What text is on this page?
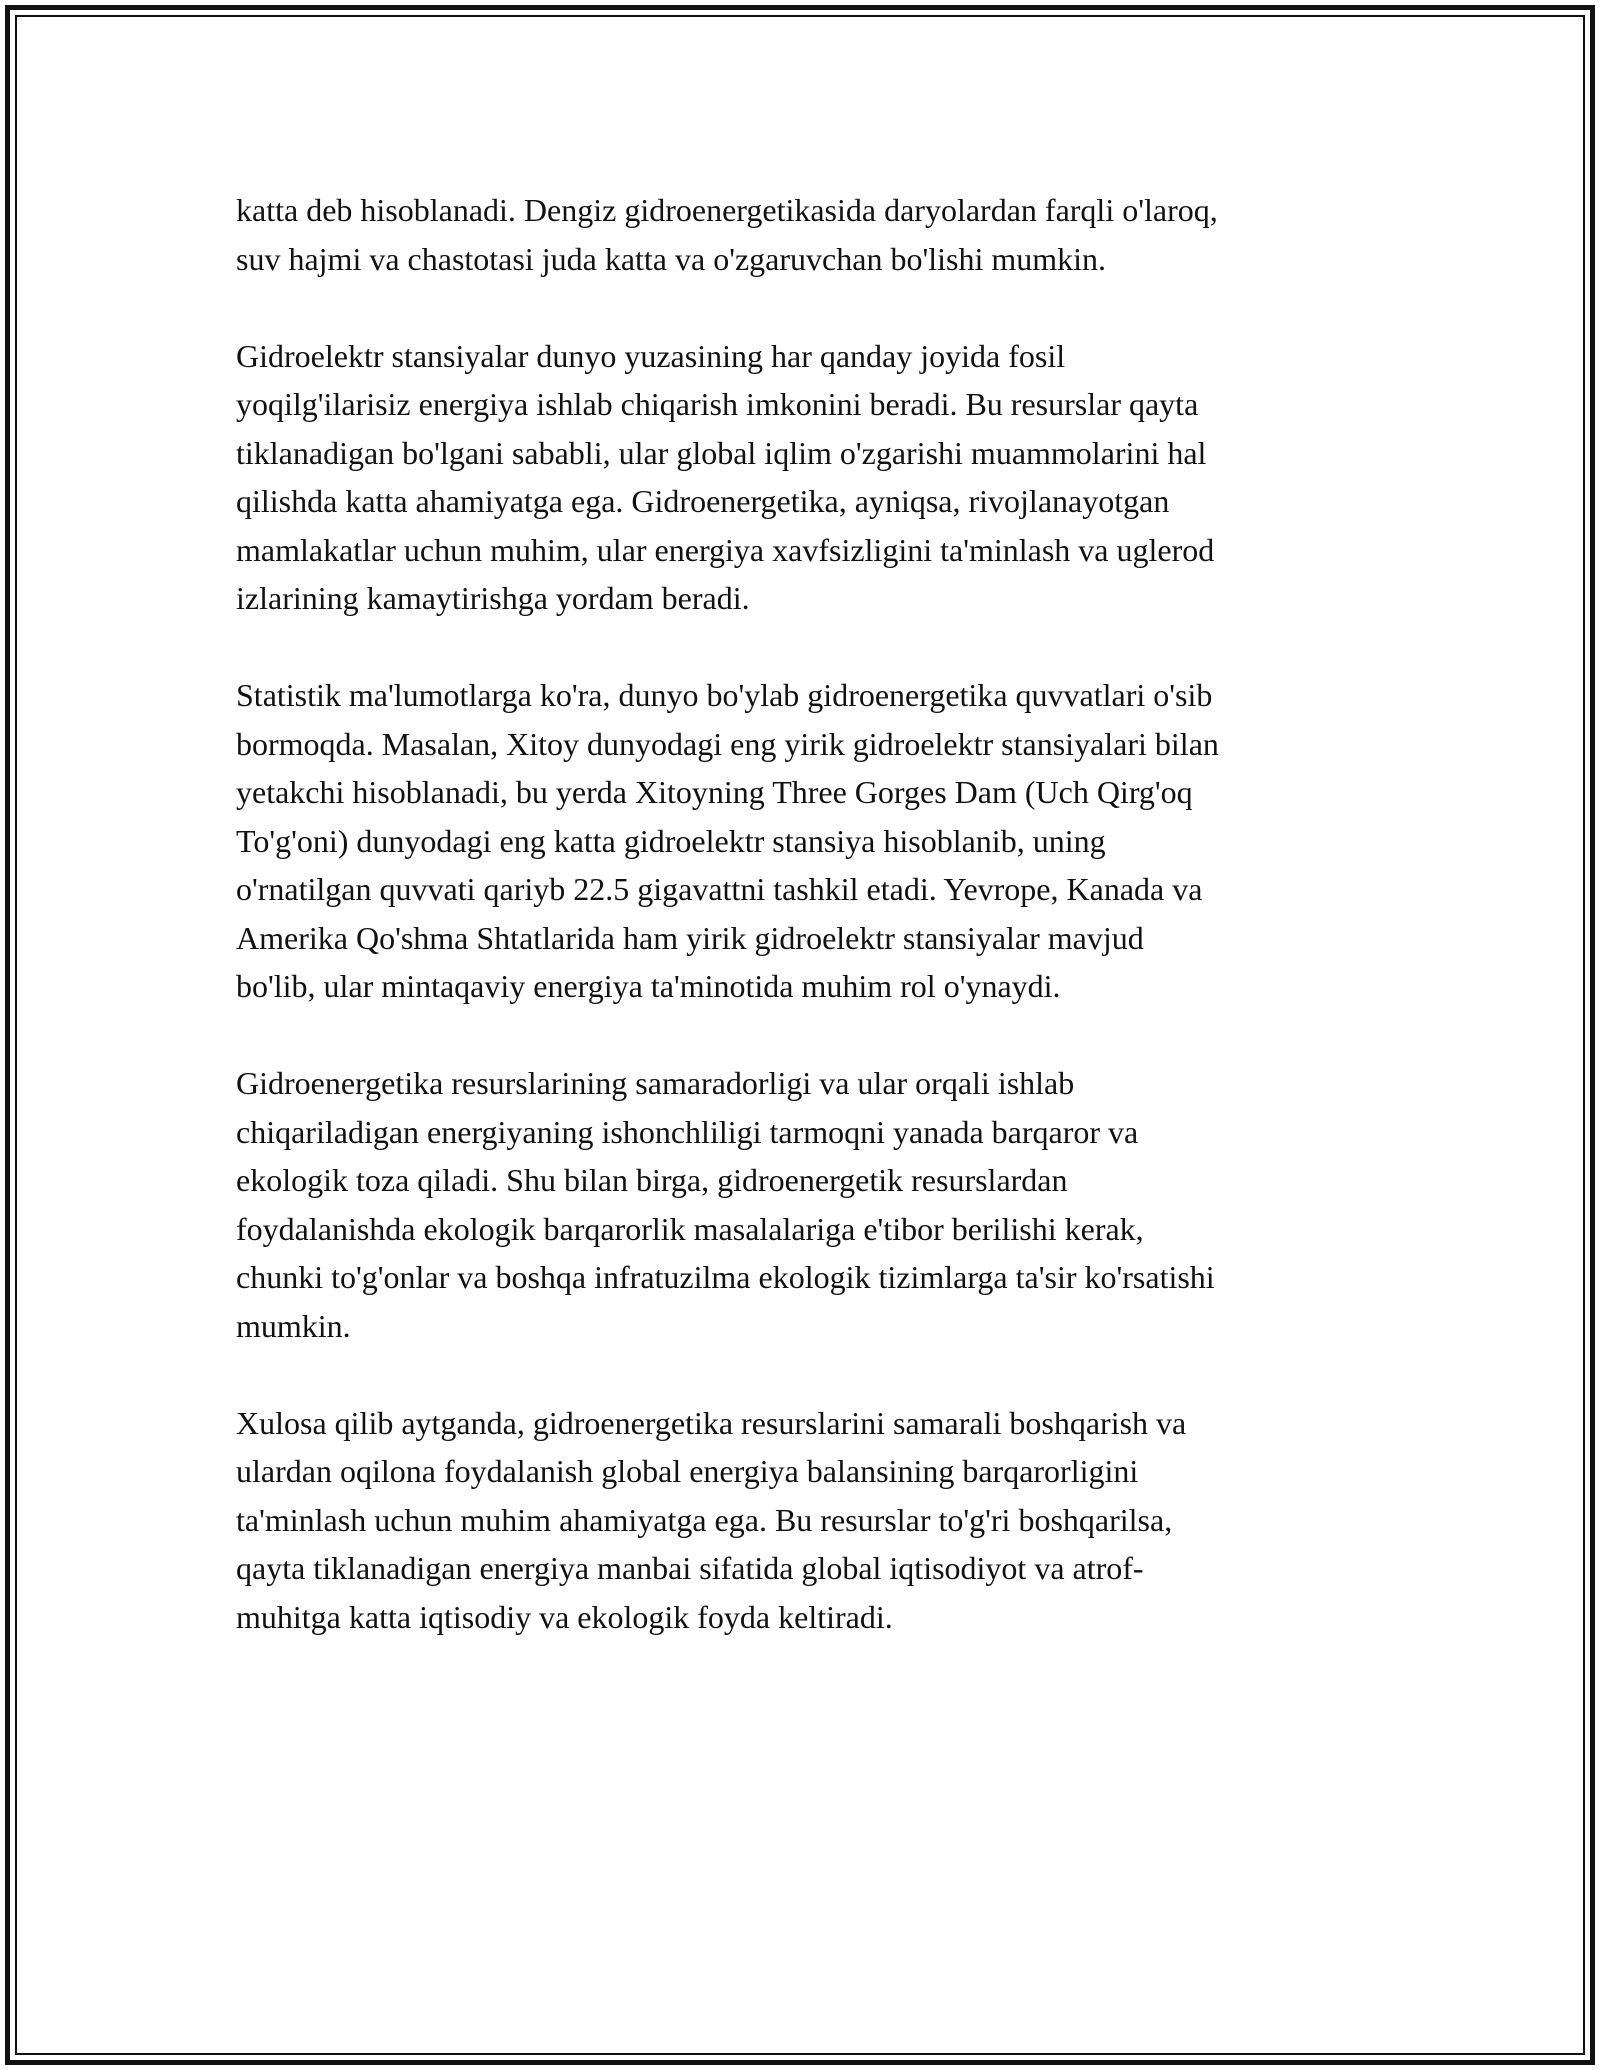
katta deb hisoblanadi. Dengiz gidroenergetikasida daryolardan farqli o'laroq,
suv hajmi va chastotasi juda katta va o'zgaruvchan bo'lishi mumkin.

Gidroelektr stansiyalar dunyo yuzasining har qanday joyida fosil
yoqilg'ilarisiz energiya ishlab chiqarish imkonini beradi. Bu resurslar qayta
tiklanadigan bo'lgani sababli, ular global iqlim o'zgarishi muammolarini hal
qilishda katta ahamiyatga ega. Gidroenergetika, ayniqsa, rivojlanayotgan
mamlakatlar uchun muhim, ular energiya xavfsizligini ta'minlash va uglerod
izlarining kamaytirishga yordam beradi.

Statistik ma'lumotlarga ko'ra, dunyo bo'ylab gidroenergetika quvvatlari o'sib
bormoqda. Masalan, Xitoy dunyodagi eng yirik gidroelektr stansiyalari bilan
yetakchi hisoblanadi, bu yerda Xitoyning Three Gorges Dam (Uch Qirg'oq
To'g'oni) dunyodagi eng katta gidroelektr stansiya hisoblanib, uning
o'rnatilgan quvvati qariyb 22.5 gigavattni tashkil etadi. Yevrope, Kanada va
Amerika Qo'shma Shtatlarida ham yirik gidroelektr stansiyalar mavjud
bo'lib, ular mintaqaviy energiya ta'minotida muhim rol o'ynaydi.

Gidroenergetika resurslarining samaradorligi va ular orqali ishlab
chiqariladigan energiyaning ishonchliligi tarmoqni yanada barqaror va
ekologik toza qiladi. Shu bilan birga, gidroenergetik resurslardan
foydalanishda ekologik barqarorlik masalalariga e'tibor berilishi kerak,
chunki to'g'onlar va boshqa infratuzilma ekologik tizimlarga ta'sir ko'rsatishi
mumkin.

Xulosa qilib aytganda, gidroenergetika resurslarini samarali boshqarish va
ulardan oqilona foydalanish global energiya balansining barqarorligini
ta'minlash uchun muhim ahamiyatga ega. Bu resurslar to'g'ri boshqarilsa,
qayta tiklanadigan energiya manbai sifatida global iqtisodiyot va atrof-
muhitga katta iqtisodiy va ekologik foyda keltiradi.
